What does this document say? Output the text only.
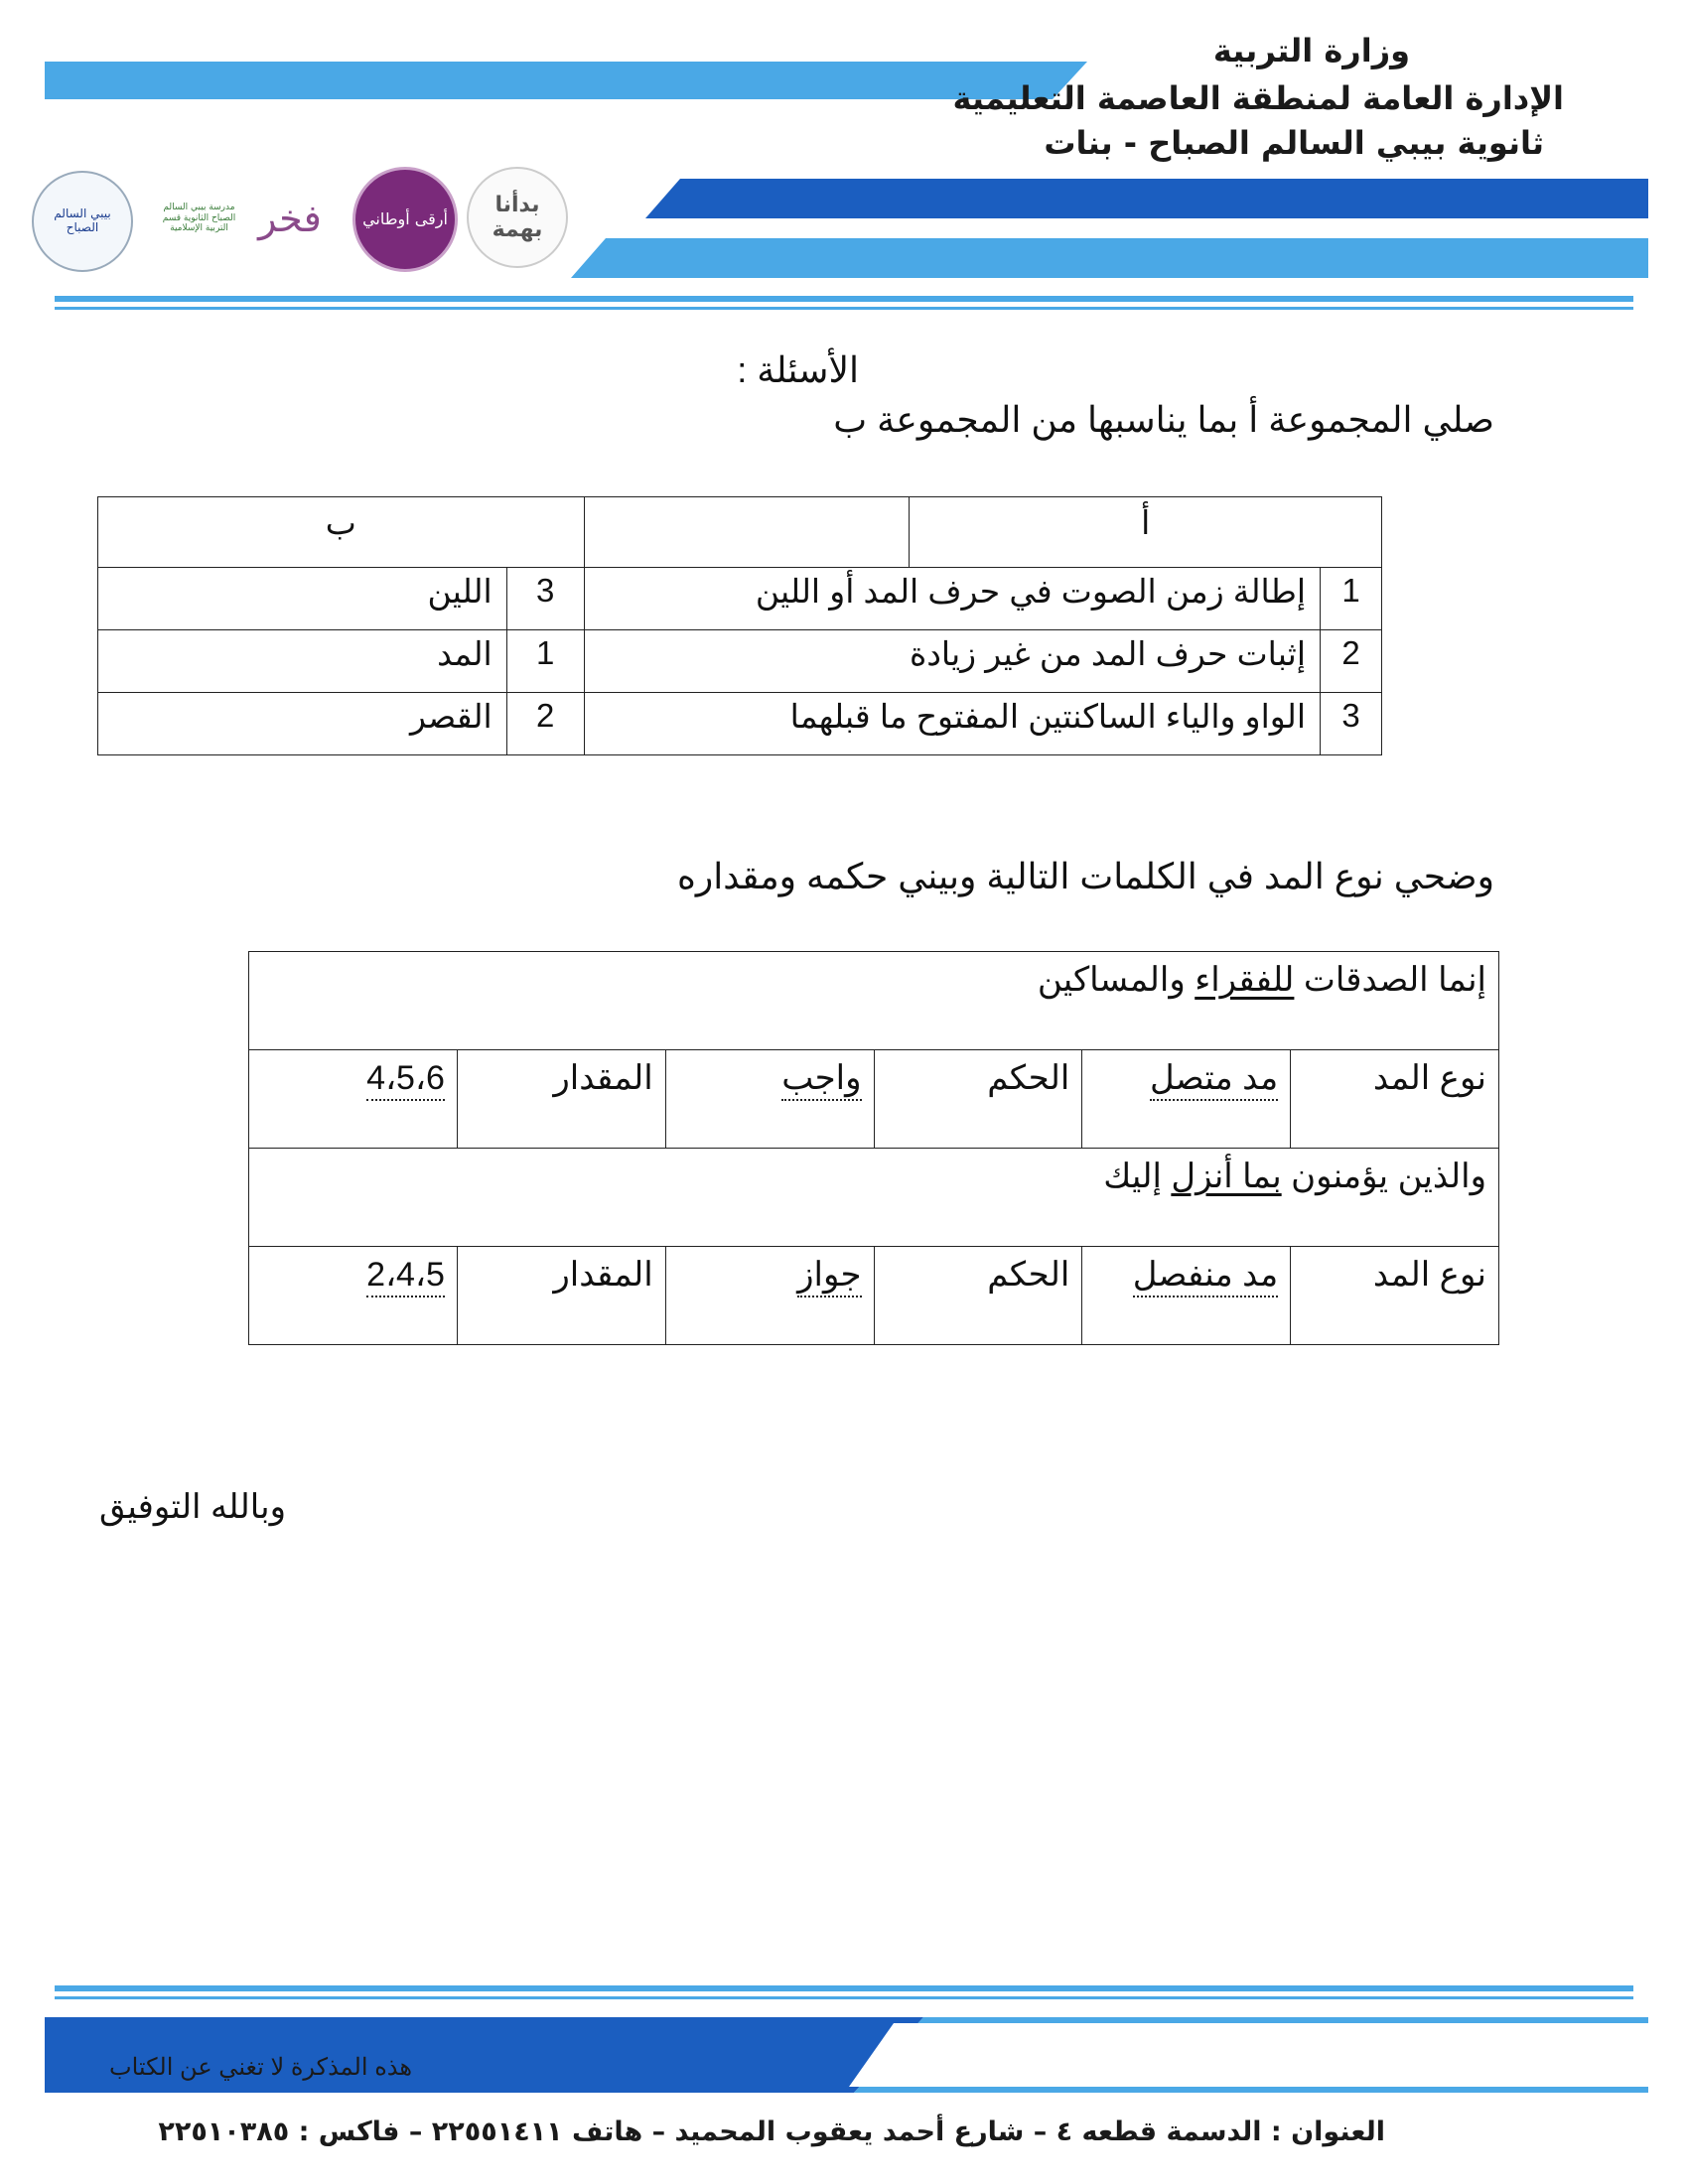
وزارة التربية
الإدارة العامة لمنطقة العاصمة التعليمية
ثانوية بيبي السالم الصباح - بنات
بيبي السالم الصباح
مدرسة بيبي السالم الصباح الثانوية قسم التربية الإسلامية فخر	أرقى أوطاني
بدأنا بهمة
الأسئلة :
صلي المجموعة أ بما يناسبها من المجموعة ب
أ			ب	
1	إطالة زمن الصوت في حرف المد أو اللين		3	اللين
2	إثبات حرف المد من غير زيادة		1	المد
3	الواو والياء الساكنتين المفتوح ما قبلهما		2	القصر
وضحي نوع المد في الكلمات التالية وبيني حكمه ومقداره
إنما الصدقات للفقراء والمساكين					
نوع المد	مد متصل	الحكم	واجب	المقدار	4،5،6
والذين يؤمنون بما أنزل إليك					
نوع المد	مد منفصل	الحكم	جواز	المقدار	2،4،5
وبالله التوفيق
هذه المذكرة لا تغني عن الكتاب
العنوان : الدسمة قطعه ٤ – شارع أحمد يعقوب المحميد – هاتف ٢٢٥٥١٤١١ – فاكس : ٢٢٥١٠٣٨٥
